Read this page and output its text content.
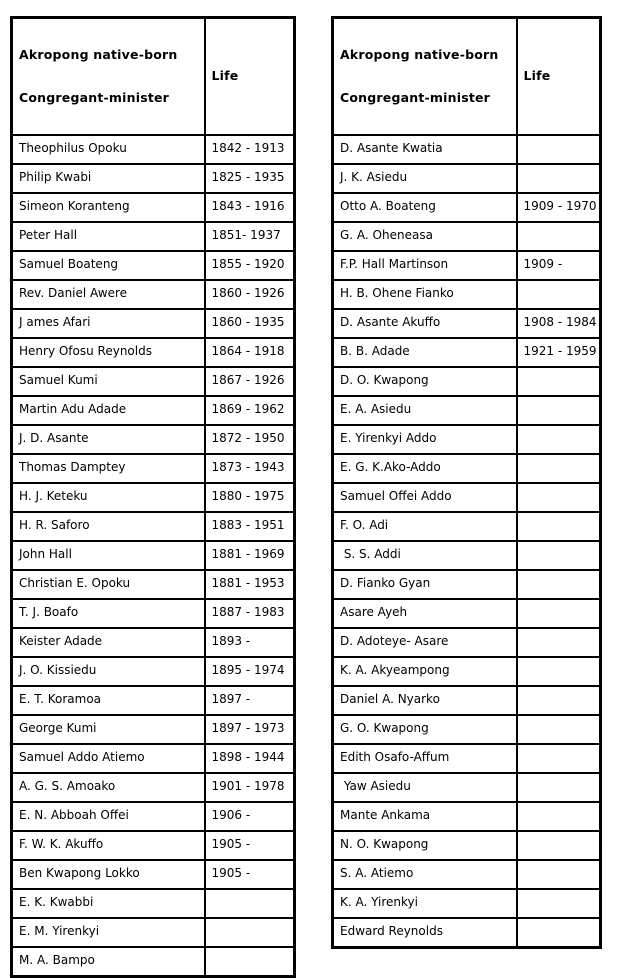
Akropong native-born

Congregant-minister	Life
Theophilus Opoku	1842 - 1913
Philip Kwabi	1825 - 1935
Simeon Koranteng	1843 - 1916
Peter Hall	1851- 1937
Samuel Boateng	1855 - 1920
Rev. Daniel Awere	1860 - 1926
J ames Afari	1860 - 1935
Henry Ofosu Reynolds	1864 - 1918
Samuel Kumi	1867 - 1926
Martin Adu Adade	1869 - 1962
J. D. Asante	1872 - 1950
Thomas Damptey	1873 - 1943
H. J. Keteku	1880 - 1975
H. R. Saforo	1883 - 1951
John Hall	1881 - 1969
Christian E. Opoku	1881 - 1953
T. J. Boafo	1887 - 1983
Keister Adade	1893 -
J. O. Kissiedu	1895 - 1974
E. T. Koramoa	1897 -
George Kumi	1897 - 1973
Samuel Addo Atiemo	1898 - 1944
A. G. S. Amoako	1901 - 1978
E. N. Abboah Offei	1906 -
F. W. K. Akuffo	1905 -
Ben Kwapong Lokko	1905 -
E. K. Kwabbi	
E. M. Yirenkyi	
M. A. Bampo	

Akropong native-born

Congregant-minister	Life
D. Asante Kwatia	
J. K. Asiedu	
Otto A. Boateng	1909 - 1970
G. A. Oheneasa	
F.P. Hall Martinson	1909 -
H. B. Ohene Fianko	
D. Asante Akuffo	1908 - 1984
B. B. Adade	1921 - 1959
D. O. Kwapong	
E. A. Asiedu	
E. Yirenkyi Addo	
E. G. K.Ako-Addo	
Samuel Offei Addo	
F. O. Adi	
S. S. Addi	
D. Fianko Gyan	
Asare Ayeh	
D. Adoteye- Asare	
K. A. Akyeampong	
Daniel A. Nyarko	
G. O. Kwapong	
Edith Osafo-Affum	
Yaw Asiedu	
Mante Ankama	
N. O. Kwapong	
S. A. Atiemo	
K. A. Yirenkyi	
Edward Reynolds	
